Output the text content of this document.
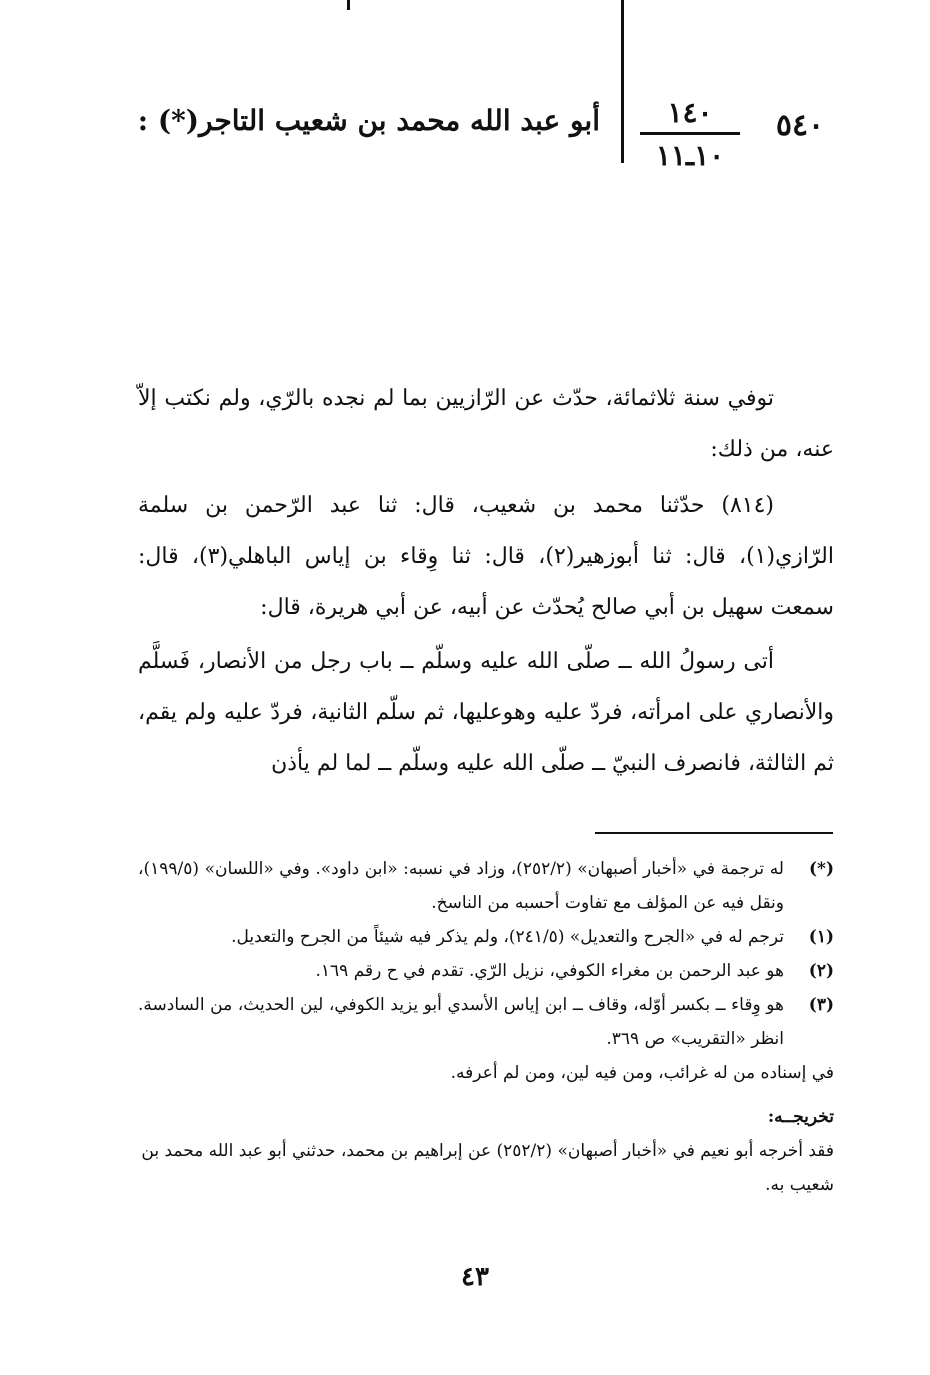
٥٤٠
١٤٠
١٠ـ١١
أبو عبد الله محمد بن شعيب التاجر(*) :
توفي سنة ثلاثمائة، حدّث عن الرّازيين بما لم نجده بالرّي، ولم نكتب إلاّ عنه، من ذلك:
(٨١٤) حدّثنا محمد بن شعيب، قال: ثنا عبد الرّحمن بن سلمة الرّازي(١)، قال: ثنا أبوزهير(٢)، قال: ثنا وِقاء بن إياس الباهلي(٣)، قال: سمعت سهيل بن أبي صالح يُحدّث عن أبيه، عن أبي هريرة، قال:
أتى رسولُ الله ــ صلّى الله عليه وسلّم ــ باب رجل من الأنصار، فَسلَّم والأنصاري على امرأته، فردّ عليه وهوعليها، ثم سلّم الثانية، فردّ عليه ولم يقم، ثم الثالثة، فانصرف النبيّ ــ صلّى الله عليه وسلّم ــ لما لم يأذن
(*)
له ترجمة في «أخبار أصبهان» (٢٥٢/٢)، وزاد في نسبه: «ابن داود». وفي «اللسان» (١٩٩/٥)، ونقل فيه عن المؤلف مع تفاوت أحسبه من الناسخ.
(١)
ترجم له في «الجرح والتعديل» (٢٤١/٥)، ولم يذكر فيه شيئاً من الجرح والتعديل.
(٢)
هو عبد الرحمن بن مغراء الكوفي، نزيل الرّي. تقدم في ح رقم ١٦٩.
(٣)
هو وِقاء ــ بكسر أوّله، وقاف ــ ابن إياس الأسدي أبو يزيد الكوفي، لين الحديث، من السادسة. انظر «التقريب» ص ٣٦٩.
في إسناده من له غرائب، ومن فيه لين، ومن لم أعرفه.
تخريجــه:
فقد أخرجه أبو نعيم في «أخبار أصبهان» (٢٥٢/٢) عن إبراهيم بن محمد، حدثني أبو عبد الله محمد بن شعيب به.
٤٣
